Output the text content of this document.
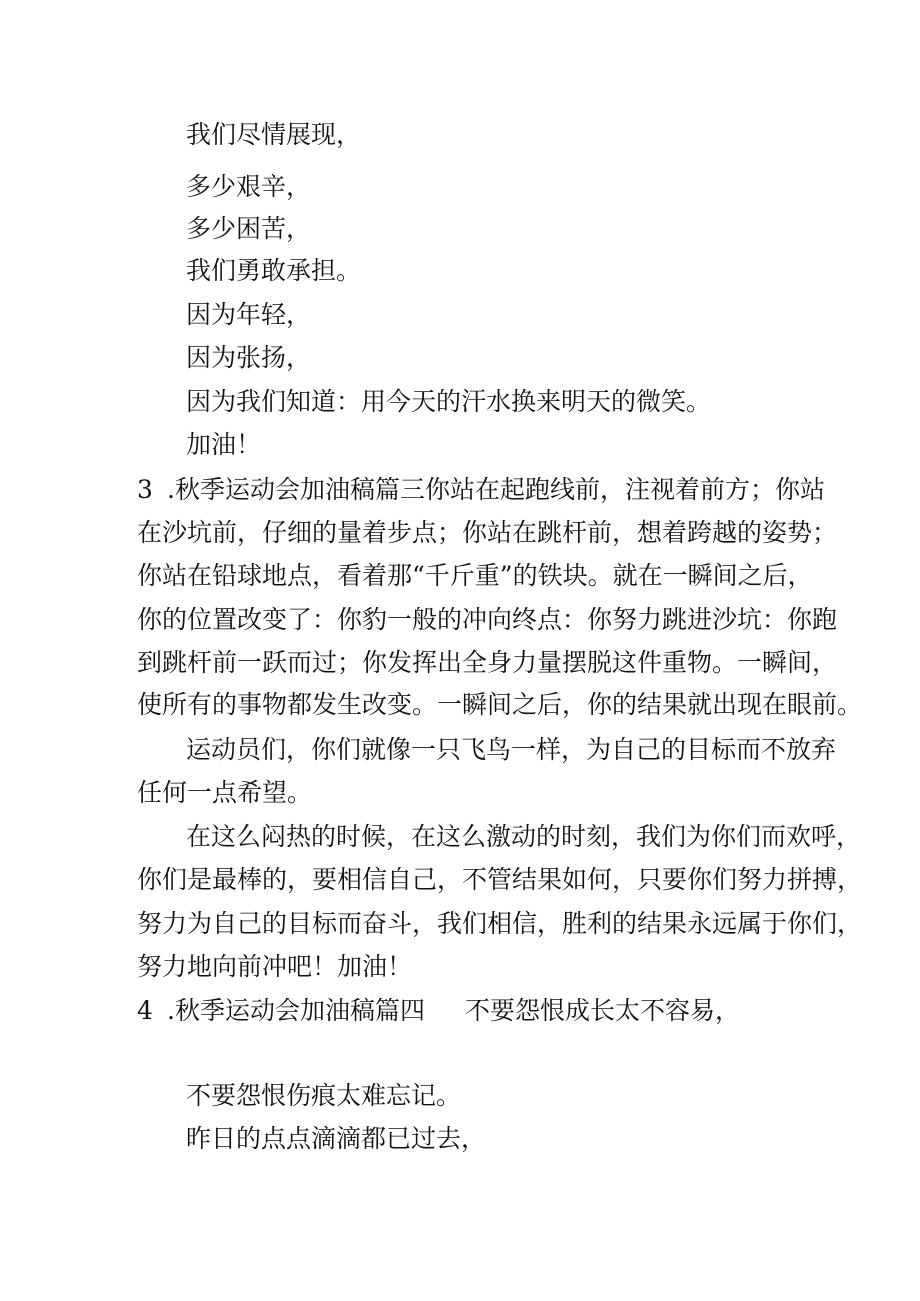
我们尽情展现，
多少艰辛，
多少困苦，
我们勇敢承担。
因为年轻，
因为张扬，
因为我们知道：用今天的汗水换来明天的微笑。
加油！
3 .秋季运动会加油稿篇三你站在起跑线前，注视着前方；你站
在沙坑前，仔细的量着步点；你站在跳杆前，想着跨越的姿势；
你站在铅球地点，看着那“千斤重”的铁块。就在一瞬间之后，
你的位置改变了：你豹一般的冲向终点：你努力跳进沙坑：你跑
到跳杆前一跃而过；你发挥出全身力量摆脱这件重物。一瞬间，
使所有的事物都发生改变。一瞬间之后，你的结果就出现在眼前。
运动员们，你们就像一只飞鸟一样，为自己的目标而不放弃
任何一点希望。
在这么闷热的时候，在这么激动的时刻，我们为你们而欢呼，
你们是最棒的，要相信自己，不管结果如何，只要你们努力拼搏，
努力为自己的目标而奋斗，我们相信，胜利的结果永远属于你们，
努力地向前冲吧！加油！
4 .秋季运动会加油稿篇四 不要怨恨成长太不容易，
不要怨恨伤痕太难忘记。
昨日的点点滴滴都已过去，
